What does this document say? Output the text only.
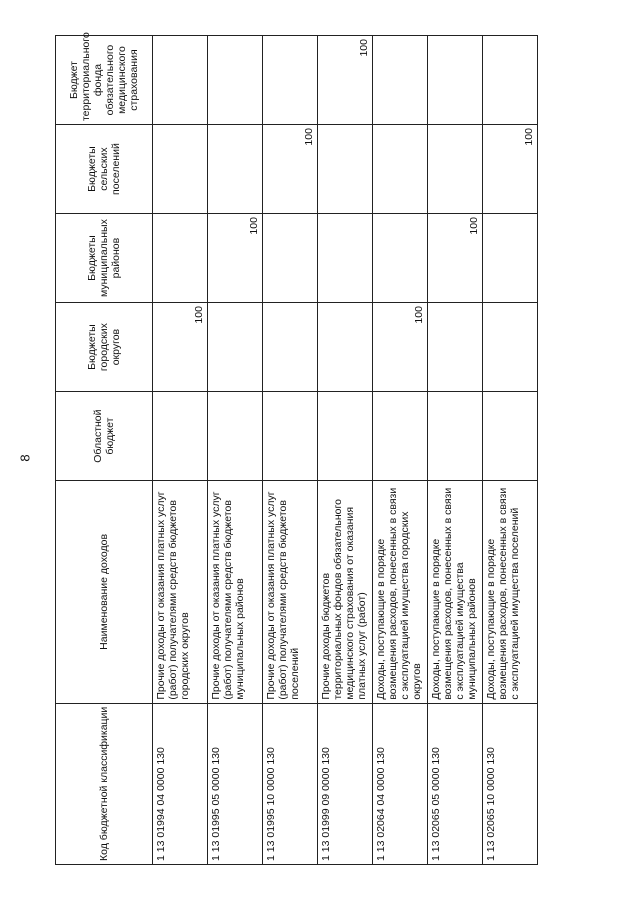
8
Код бюджетной классификации	Наименование доходов	Областной бюджет	Бюджеты городских округов	Бюджеты муниципальных районов	Бюджеты сельских поселений	Бюджет территориального фонда обязательного медицинского страхования
1 13 01994 04 0000 130	Прочие доходы от оказания платных услуг (работ) получателями средств бюджетов городских округов		100			
1 13 01995 05 0000 130	Прочие доходы от оказания платных услуг (работ) получателями средств бюджетов муниципальных районов			100		
1 13 01995 10 0000 130	Прочие доходы от оказания платных услуг (работ) получателями средств бюджетов поселений				100	
1 13 01999 09 0000 130	Прочие доходы бюджетов территориальных фондов обязательного медицинского страхования от оказания платных услуг (работ)					100
1 13 02064 04 0000 130	Доходы, поступающие в порядке возмещения расходов, понесенных в связи с эксплуатацией имущества городских округов		100			
1 13 02065 05 0000 130	Доходы, поступающие в порядке возмещения расходов, понесенных в связи с эксплуатацией имущества муниципальных районов			100		
1 13 02065 10 0000 130	Доходы, поступающие в порядке возмещения расходов, понесенных в связи с эксплуатацией имущества поселений				100	
